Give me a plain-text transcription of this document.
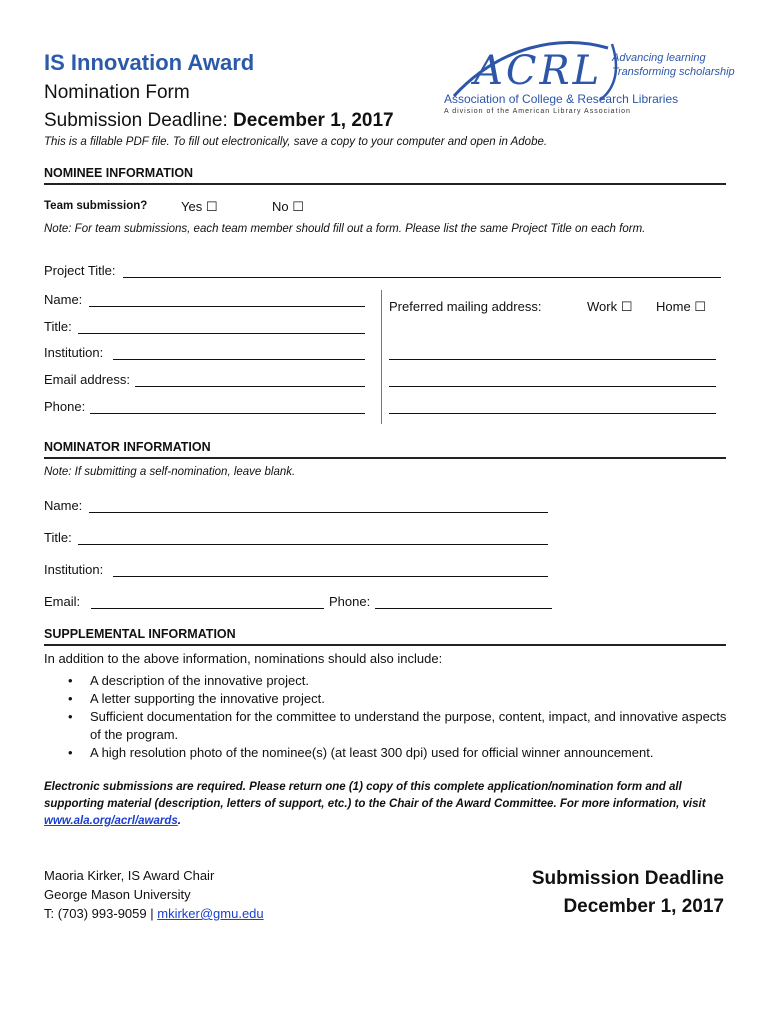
IS Innovation Award
Nomination Form
Submission Deadline: December 1, 2017
This is a fillable PDF file. To fill out electronically, save a copy to your computer and open in Adobe.
ACRL Advancing learning
Transforming scholarship
Association of College & Research Libraries
A division of the American Library Association
NOMINEE INFORMATION
Team submission?	Yes ☐	No ☐
Note: For team submissions, each team member should fill out a form. Please list the same Project Title on each form.
Project Title:
Name:
Title:
Institution:
Email address:
Phone:
Preferred mailing address:	Work ☐ Home ☐
NOMINATOR INFORMATION
Note: If submitting a self-nomination, leave blank.
Name:
Title:
Institution:
Email:	Phone:
SUPPLEMENTAL INFORMATION
In addition to the above information, nominations should also include:
• A description of the innovative project.
• A letter supporting the innovative project.
• Sufficient documentation for the committee to understand the purpose, content, impact, and innovative aspects of the program.
• A high resolution photo of the nominee(s) (at least 300 dpi) used for official winner announcement.
Electronic submissions are required. Please return one (1) copy of this complete application/nomination form and all supporting material (description, letters of support, etc.) to the Chair of the Award Committee. For more information, visit www.ala.org/acrl/awards.
Maoria Kirker, IS Award Chair
George Mason University
T: (703) 993-9059 | mkirker@gmu.edu
Submission Deadline
December 1, 2017
